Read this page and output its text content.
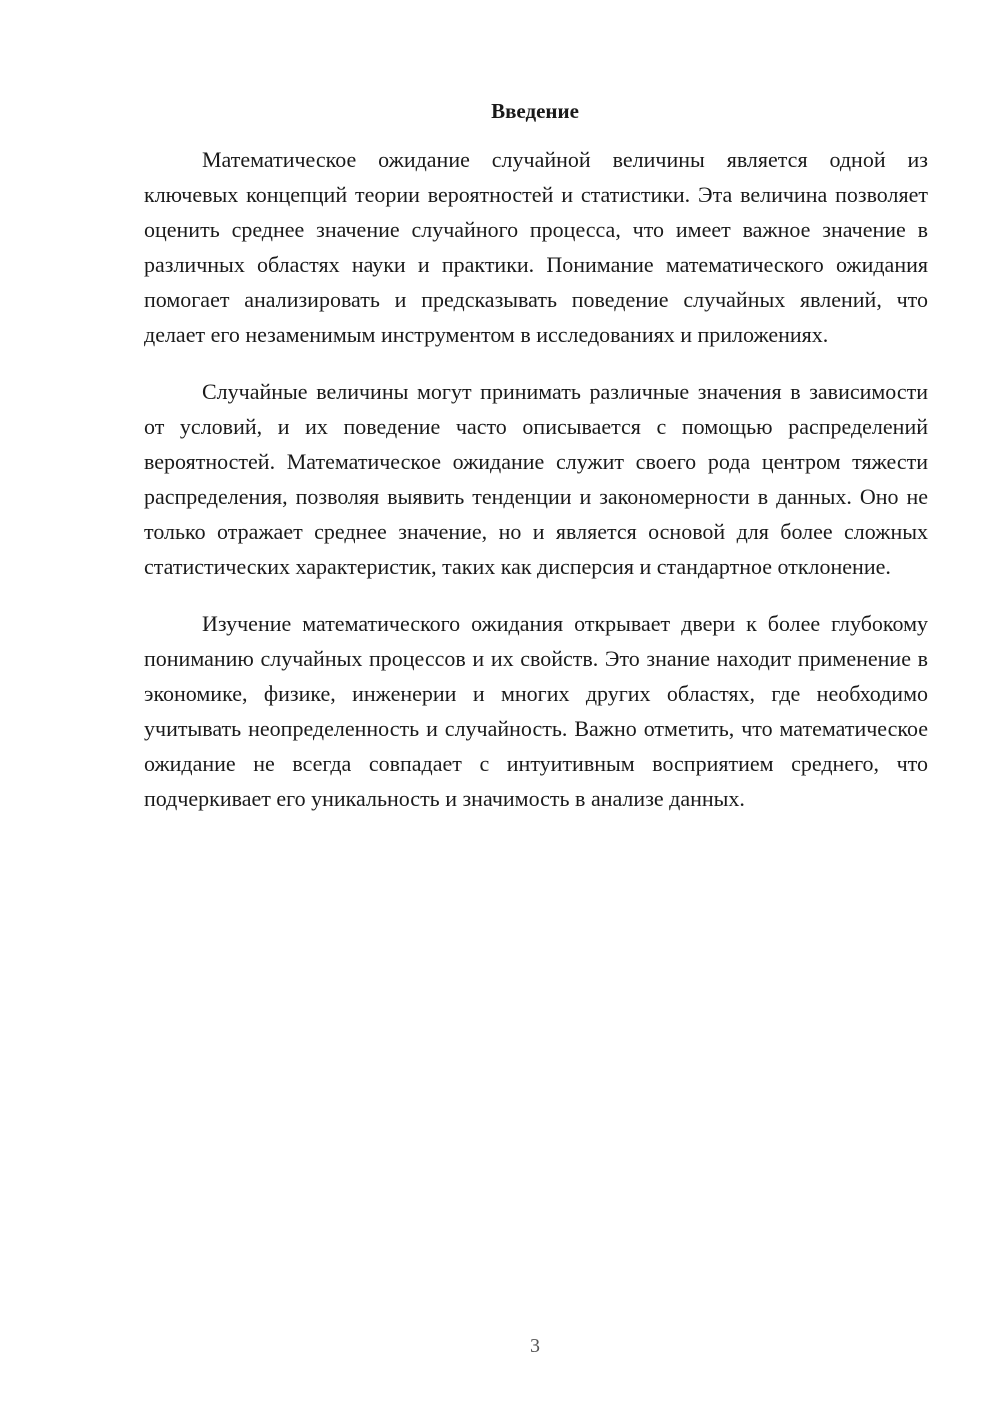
Введение

Математическое ожидание случайной величины является одной из ключевых концепций теории вероятностей и статистики. Эта величина позволяет оценить среднее значение случайного процесса, что имеет важное значение в различных областях науки и практики. Понимание математического ожидания помогает анализировать и предсказывать поведение случайных явлений, что делает его незаменимым инструментом в исследованиях и приложениях.

Случайные величины могут принимать различные значения в зависимости от условий, и их поведение часто описывается с помощью распределений вероятностей. Математическое ожидание служит своего рода центром тяжести распределения, позволяя выявить тенденции и закономерности в данных. Оно не только отражает среднее значение, но и является основой для более сложных статистических характеристик, таких как дисперсия и стандартное отклонение.

Изучение математического ожидания открывает двери к более глубокому пониманию случайных процессов и их свойств. Это знание находит применение в экономике, физике, инженерии и многих других областях, где необходимо учитывать неопределенность и случайность. Важно отметить, что математическое ожидание не всегда совпадает с интуитивным восприятием среднего, что подчеркивает его уникальность и значимость в анализе данных.

3
